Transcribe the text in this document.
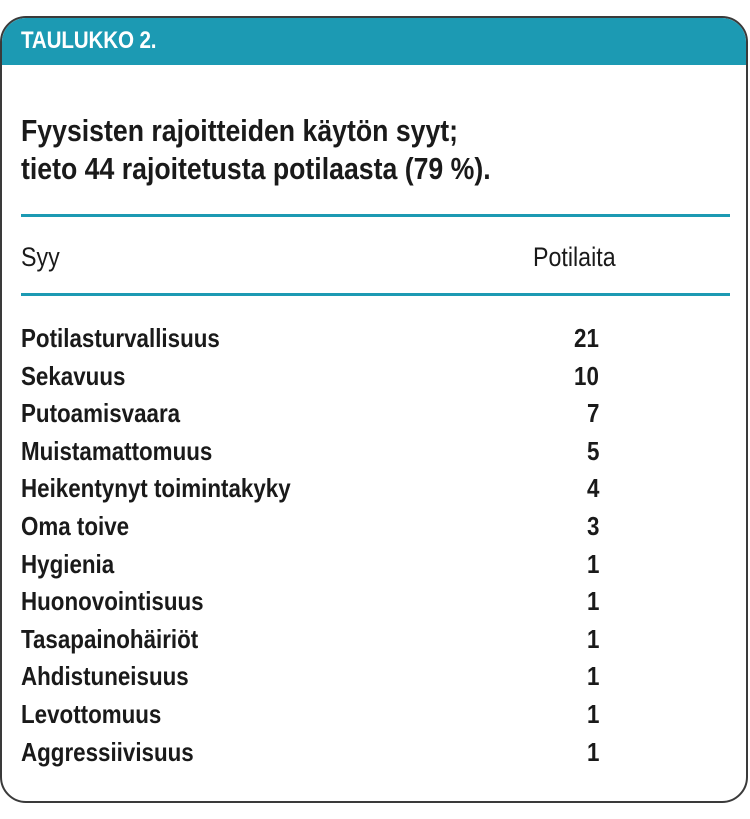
TAULUKKO 2.
Fyysisten rajoitteiden käytön syyt;
tieto 44 rajoitetusta potilaasta (79 %).
Syy	Potilaita
Potilasturvallisuus	21
Sekavuus	10
Putoamisvaara	7
Muistamattomuus	5
Heikentynyt toimintakyky	4
Oma toive	3
Hygienia	1
Huonovointisuus	1
Tasapainohäiriöt	1
Ahdistuneisuus	1
Levottomuus	1
Aggressiivisuus	1
